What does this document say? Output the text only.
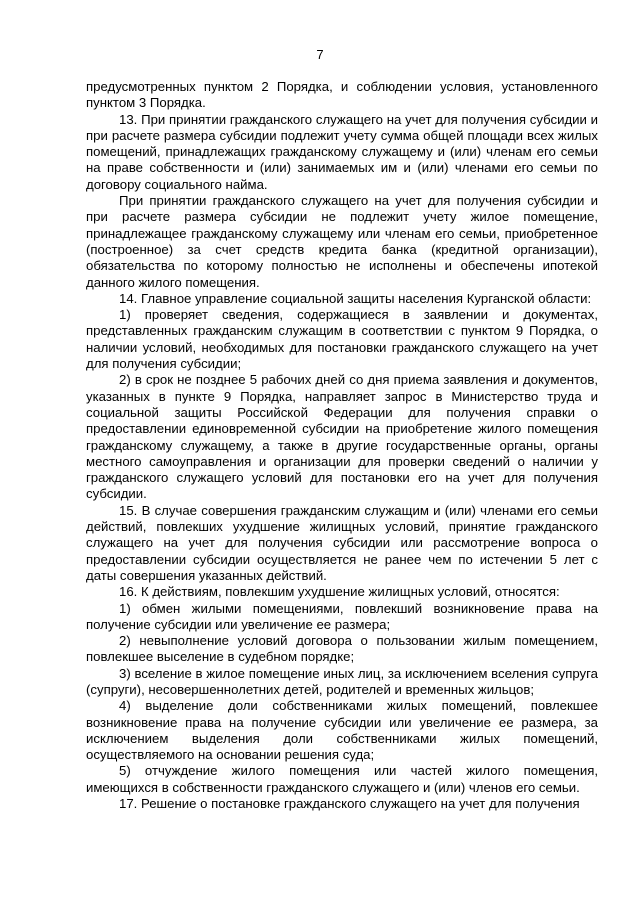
7

предусмотренных пунктом 2 Порядка, и соблюдении условия, установленного пунктом 3 Порядка.

13. При принятии гражданского служащего на учет для получения субсидии и при расчете размера субсидии подлежит учету сумма общей площади всех жилых помещений, принадлежащих гражданскому служащему и (или) членам его семьи на праве собственности и (или) занимаемых им и (или) членами его семьи по договору социального найма.

При принятии гражданского служащего на учет для получения субсидии и при расчете размера субсидии не подлежит учету жилое помещение, принадлежащее гражданскому служащему или членам его семьи, приобретенное (построенное) за счет средств кредита банка (кредитной организации), обязательства по которому полностью не исполнены и обеспечены ипотекой данного жилого помещения.

14. Главное управление социальной защиты населения Курганской области:

1) проверяет сведения, содержащиеся в заявлении и документах, представленных гражданским служащим в соответствии с пунктом 9 Порядка, о наличии условий, необходимых для постановки гражданского служащего на учет для получения субсидии;

2) в срок не позднее 5 рабочих дней со дня приема заявления и документов, указанных в пункте 9 Порядка, направляет запрос в Министерство труда и социальной защиты Российской Федерации для получения справки о предоставлении единовременной субсидии на приобретение жилого помещения гражданскому служащему, а также в другие государственные органы, органы местного самоуправления и организации для проверки сведений о наличии у гражданского служащего условий для постановки его на учет для получения субсидии.

15. В случае совершения гражданским служащим и (или) членами его семьи действий, повлекших ухудшение жилищных условий, принятие гражданского служащего на учет для получения субсидии или рассмотрение вопроса о предоставлении субсидии осуществляется не ранее чем по истечении 5 лет с даты совершения указанных действий.

16. К действиям, повлекшим ухудшение жилищных условий, относятся:

1) обмен жилыми помещениями, повлекший возникновение права на получение субсидии или увеличение ее размера;

2) невыполнение условий договора о пользовании жилым помещением, повлекшее выселение в судебном порядке;

3) вселение в жилое помещение иных лиц, за исключением вселения супруга (супруги), несовершеннолетних детей, родителей и временных жильцов;

4) выделение доли собственниками жилых помещений, повлекшее возникновение права на получение субсидии или увеличение ее размера, за исключением выделения доли собственниками жилых помещений, осуществляемого на основании решения суда;

5) отчуждение жилого помещения или частей жилого помещения, имеющихся в собственности гражданского служащего и (или) членов его семьи.

17. Решение о постановке гражданского служащего на учет для получения
